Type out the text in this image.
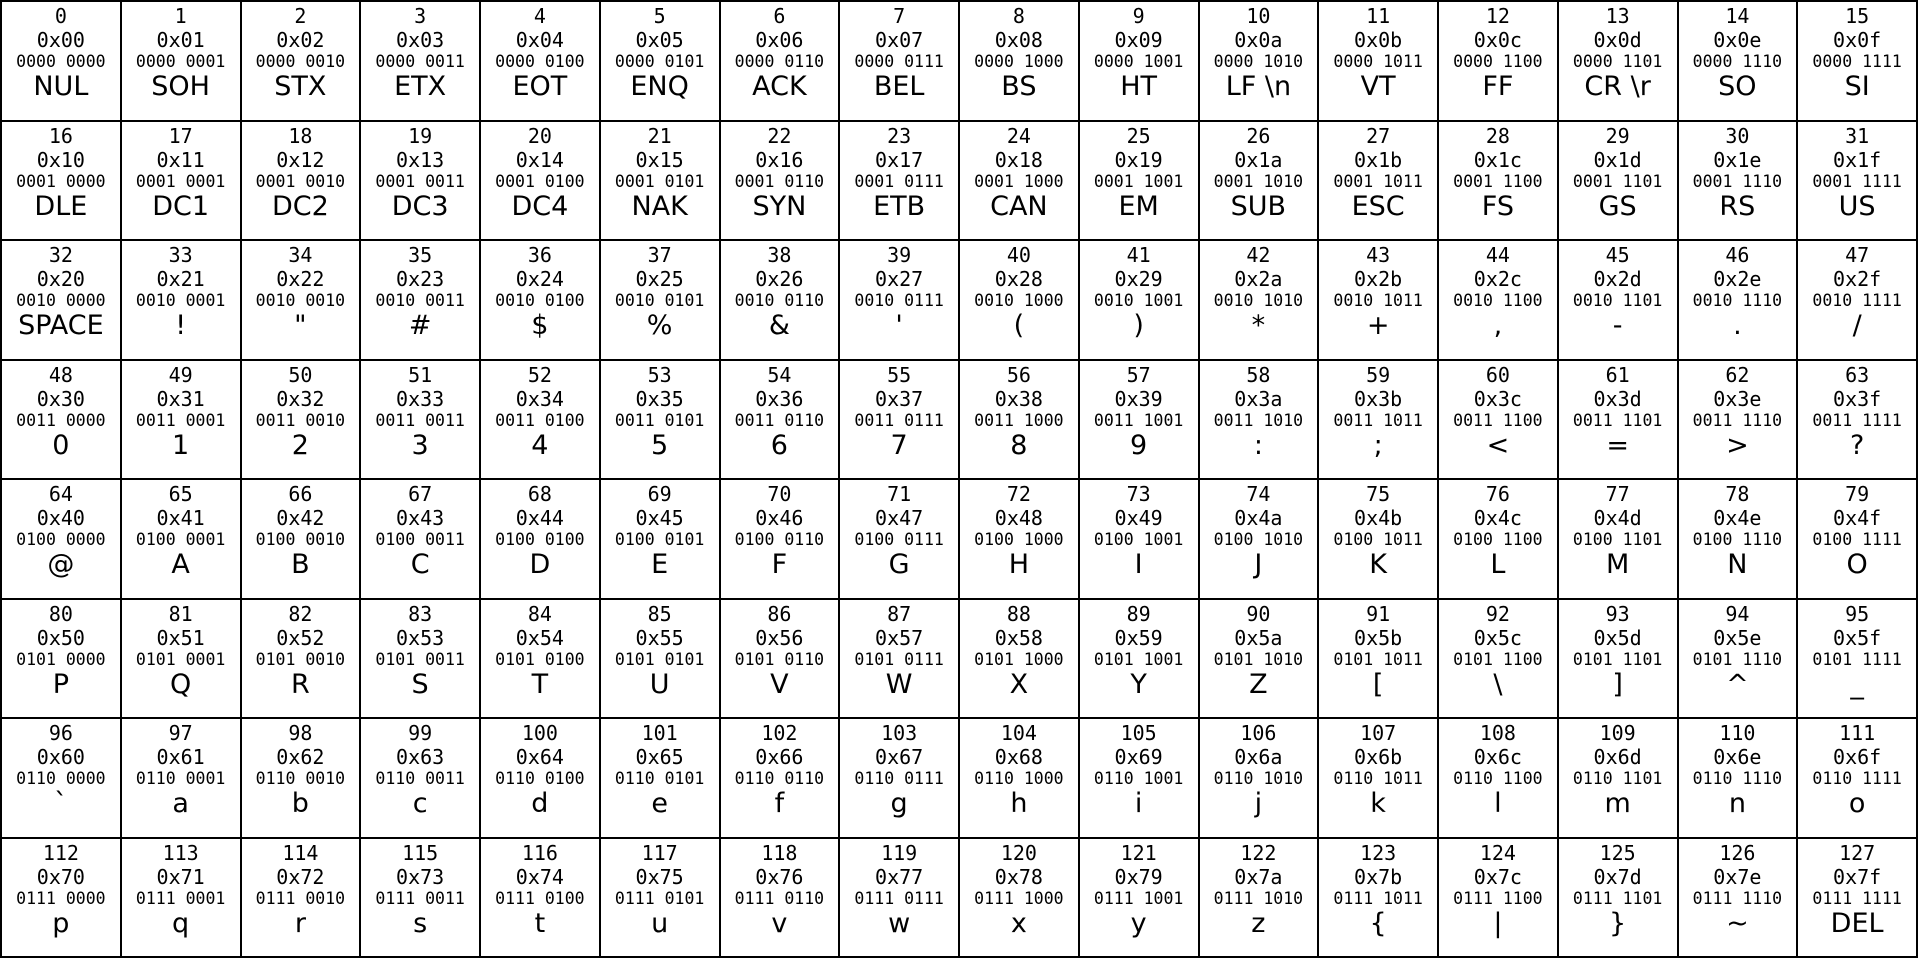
0
0x00
0000 0000
NUL
1
0x01
0000 0001
SOH
2
0x02
0000 0010
STX
3
0x03
0000 0011
ETX
4
0x04
0000 0100
EOT
5
0x05
0000 0101
ENQ
6
0x06
0000 0110
ACK
7
0x07
0000 0111
BEL
8
0x08
0000 1000
BS
9
0x09
0000 1001
HT
10
0x0a
0000 1010
LF \n
11
0x0b
0000 1011
VT
12
0x0c
0000 1100
FF
13
0x0d
0000 1101
CR \r
14
0x0e
0000 1110
SO
15
0x0f
0000 1111
SI
16
0x10
0001 0000
DLE
17
0x11
0001 0001
DC1
18
0x12
0001 0010
DC2
19
0x13
0001 0011
DC3
20
0x14
0001 0100
DC4
21
0x15
0001 0101
NAK
22
0x16
0001 0110
SYN
23
0x17
0001 0111
ETB
24
0x18
0001 1000
CAN
25
0x19
0001 1001
EM
26
0x1a
0001 1010
SUB
27
0x1b
0001 1011
ESC
28
0x1c
0001 1100
FS
29
0x1d
0001 1101
GS
30
0x1e
0001 1110
RS
31
0x1f
0001 1111
US
32
0x20
0010 0000
SPACE
33
0x21
0010 0001
!
34
0x22
0010 0010
"
35
0x23
0010 0011
#
36
0x24
0010 0100
$
37
0x25
0010 0101
%
38
0x26
0010 0110
&
39
0x27
0010 0111
'
40
0x28
0010 1000
(
41
0x29
0010 1001
)
42
0x2a
0010 1010
*
43
0x2b
0010 1011
+
44
0x2c
0010 1100
,
45
0x2d
0010 1101
-
46
0x2e
0010 1110
.
47
0x2f
0010 1111
/
48
0x30
0011 0000
0
49
0x31
0011 0001
1
50
0x32
0011 0010
2
51
0x33
0011 0011
3
52
0x34
0011 0100
4
53
0x35
0011 0101
5
54
0x36
0011 0110
6
55
0x37
0011 0111
7
56
0x38
0011 1000
8
57
0x39
0011 1001
9
58
0x3a
0011 1010
:
59
0x3b
0011 1011
;
60
0x3c
0011 1100
<
61
0x3d
0011 1101
=
62
0x3e
0011 1110
>
63
0x3f
0011 1111
?
64
0x40
0100 0000
@
65
0x41
0100 0001
A
66
0x42
0100 0010
B
67
0x43
0100 0011
C
68
0x44
0100 0100
D
69
0x45
0100 0101
E
70
0x46
0100 0110
F
71
0x47
0100 0111
G
72
0x48
0100 1000
H
73
0x49
0100 1001
I
74
0x4a
0100 1010
J
75
0x4b
0100 1011
K
76
0x4c
0100 1100
L
77
0x4d
0100 1101
M
78
0x4e
0100 1110
N
79
0x4f
0100 1111
O
80
0x50
0101 0000
P
81
0x51
0101 0001
Q
82
0x52
0101 0010
R
83
0x53
0101 0011
S
84
0x54
0101 0100
T
85
0x55
0101 0101
U
86
0x56
0101 0110
V
87
0x57
0101 0111
W
88
0x58
0101 1000
X
89
0x59
0101 1001
Y
90
0x5a
0101 1010
Z
91
0x5b
0101 1011
[
92
0x5c
0101 1100
\
93
0x5d
0101 1101
]
94
0x5e
0101 1110
^
95
0x5f
0101 1111
_
96
0x60
0110 0000
`
97
0x61
0110 0001
a
98
0x62
0110 0010
b
99
0x63
0110 0011
c
100
0x64
0110 0100
d
101
0x65
0110 0101
e
102
0x66
0110 0110
f
103
0x67
0110 0111
g
104
0x68
0110 1000
h
105
0x69
0110 1001
i
106
0x6a
0110 1010
j
107
0x6b
0110 1011
k
108
0x6c
0110 1100
l
109
0x6d
0110 1101
m
110
0x6e
0110 1110
n
111
0x6f
0110 1111
o
112
0x70
0111 0000
p
113
0x71
0111 0001
q
114
0x72
0111 0010
r
115
0x73
0111 0011
s
116
0x74
0111 0100
t
117
0x75
0111 0101
u
118
0x76
0111 0110
v
119
0x77
0111 0111
w
120
0x78
0111 1000
x
121
0x79
0111 1001
y
122
0x7a
0111 1010
z
123
0x7b
0111 1011
{
124
0x7c
0111 1100
|
125
0x7d
0111 1101
}
126
0x7e
0111 1110
~
127
0x7f
0111 1111
DEL
